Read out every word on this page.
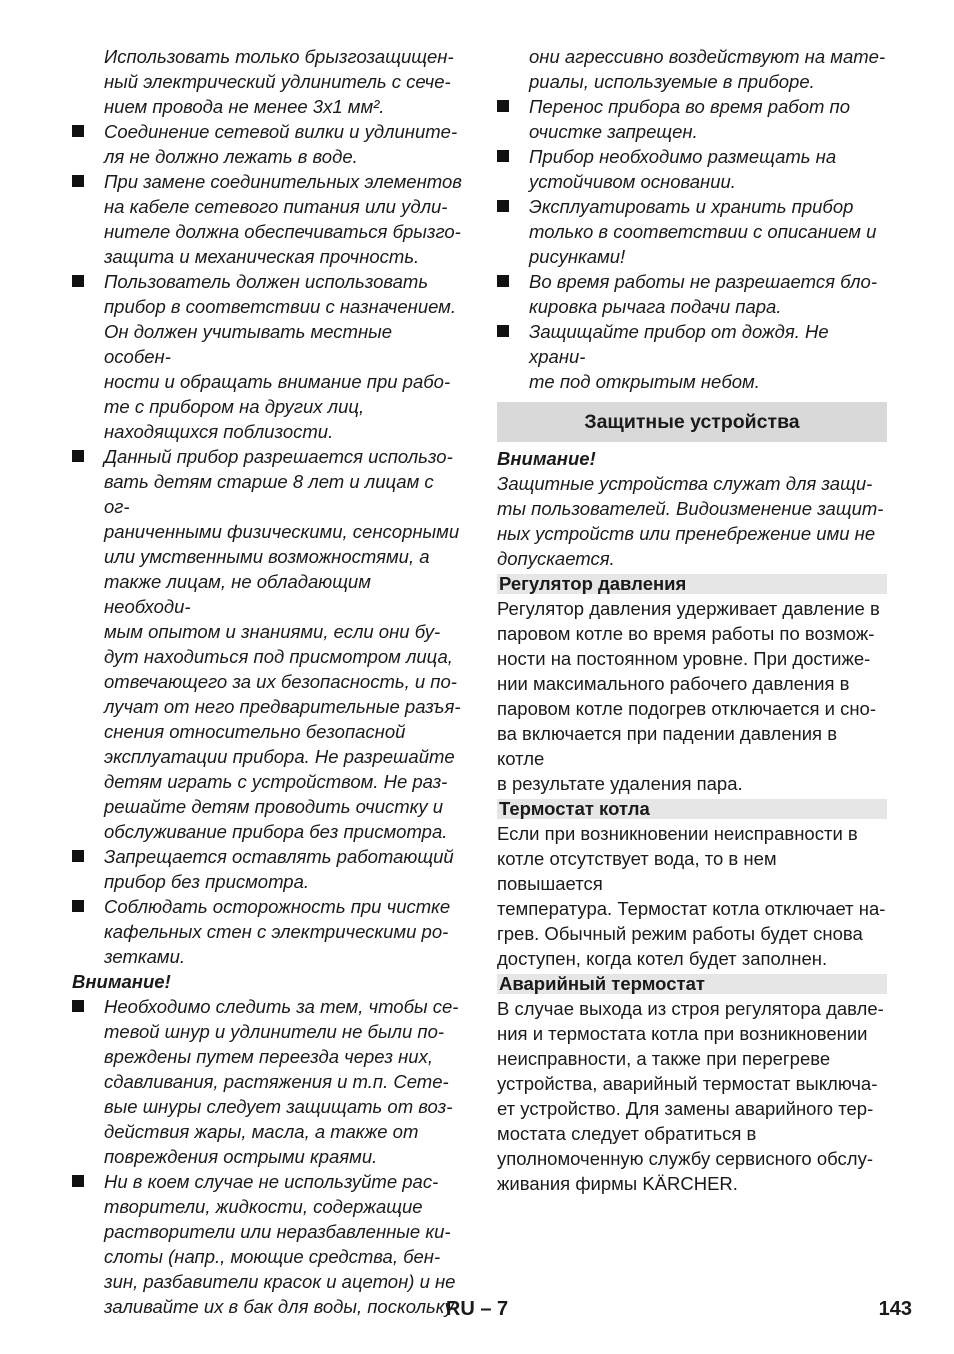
Использовать только брызгозащищен-
ный электрический удлинитель с сече-
нием провода не менее 3x1 мм².
Соединение сетевой вилки и удлините-
ля не должно лежать в воде.
При замене соединительных элементов
на кабеле сетевого питания или удли-
нителе должна обеспечиваться брызго-
защита и механическая прочность.
Пользователь должен использовать
прибор в соответствии с назначением.
Он должен учитывать местные особен-
ности и обращать внимание при рабо-
те с прибором на других лиц,
находящихся поблизости.
Данный прибор разрешается использо-
вать детям старше 8 лет и лицам с ог-
раниченными физическими, сенсорными
или умственными возможностями, а
также лицам, не обладающим необходи-
мым опытом и знаниями, если они бу-
дут находиться под присмотром лица,
отвечающего за их безопасность, и по-
лучат от него предварительные разъя-
снения относительно безопасной
эксплуатации прибора. Не разрешайте
детям играть с устройством. Не раз-
решайте детям проводить очистку и
обслуживание прибора без присмотра.
Запрещается оставлять работающий
прибор без присмотра.
Соблюдать осторожность при чистке
кафельных стен с электрическими ро-
зетками.
Внимание!
Необходимо следить за тем, чтобы се-
тевой шнур и удлинители не были по-
вреждены путем переезда через них,
сдавливания, растяжения и т.п. Сете-
вые шнуры следует защищать от воз-
действия жары, масла, а также от
повреждения острыми краями.
Ни в коем случае не используйте рас-
творители, жидкости, содержащие
растворители или неразбавленные ки-
слоты (напр., моющие средства, бен-
зин, разбавители красок и ацетон) и не
заливайте их в бак для воды, поскольку
они агрессивно воздействуют на мате-
риалы, используемые в приборе.
Перенос прибора во время работ по
очистке запрещен.
Прибор необходимо размещать на
устойчивом основании.
Эксплуатировать и хранить прибор
только в соответствии с описанием и
рисунками!
Во время работы не разрешается бло-
кировка рычага подачи пара.
Защищайте прибор от дождя. Не храни-
те под открытым небом.
Защитные устройства
Внимание!
Защитные устройства служат для защи-
ты пользователей. Видоизменение защит-
ных устройств или пренебрежение ими не
допускается.
Регулятор давления
Регулятор давления удерживает давление в
паровом котле во время работы по возмож-
ности на постоянном уровне. При достиже-
нии максимального рабочего давления в
паровом котле подогрев отключается и сно-
ва включается при падении давления в котле
в результате удаления пара.
Термостат котла
Если при возникновении неисправности в
котле отсутствует вода, то в нем повышается
температура. Термостат котла отключает на-
грев. Обычный режим работы будет снова
доступен, когда котел будет заполнен.
Аварийный термостат
В случае выхода из строя регулятора давле-
ния и термостата котла при возникновении
неисправности, а также при перегреве
устройства, аварийный термостат выключа-
ет устройство. Для замены аварийного тер-
мостата следует обратиться в
уполномоченную службу сервисного обслу-
живания фирмы KÄRCHER.
RU – 7	143
